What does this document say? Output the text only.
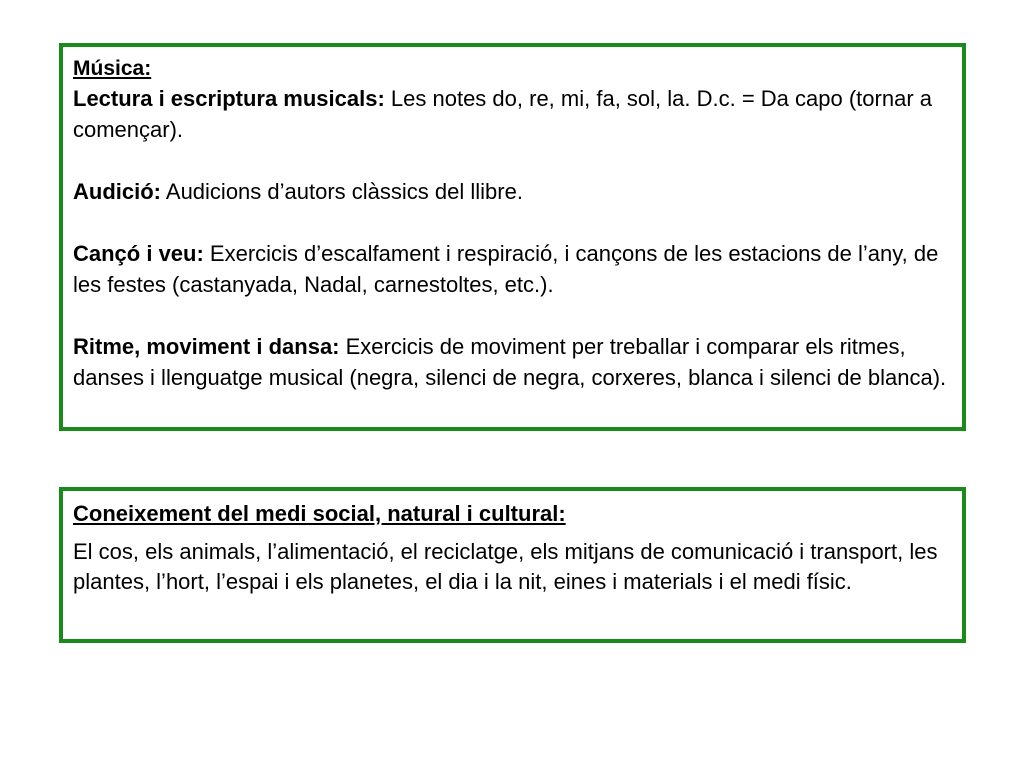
Música:

Lectura i escriptura musicals: Les notes do, re, mi, fa, sol, la. D.c. = Da capo (tornar a començar).

Audició: Audicions d’autors clàssics del llibre.

Cançó i veu: Exercicis d’escalfament i respiració, i cançons de les estacions de l’any, de les festes (castanyada, Nadal, carnestoltes, etc.).

Ritme, moviment i dansa: Exercicis de moviment per treballar i comparar els ritmes, danses i llenguatge musical (negra, silenci de negra, corxeres, blanca i silenci de blanca).

Coneixement del medi social, natural i cultural:

El cos, els animals, l’alimentació, el reciclatge, els mitjans de comunicació i transport, les plantes, l’hort, l’espai i els planetes, el dia i la nit, eines i materials i el medi físic.
